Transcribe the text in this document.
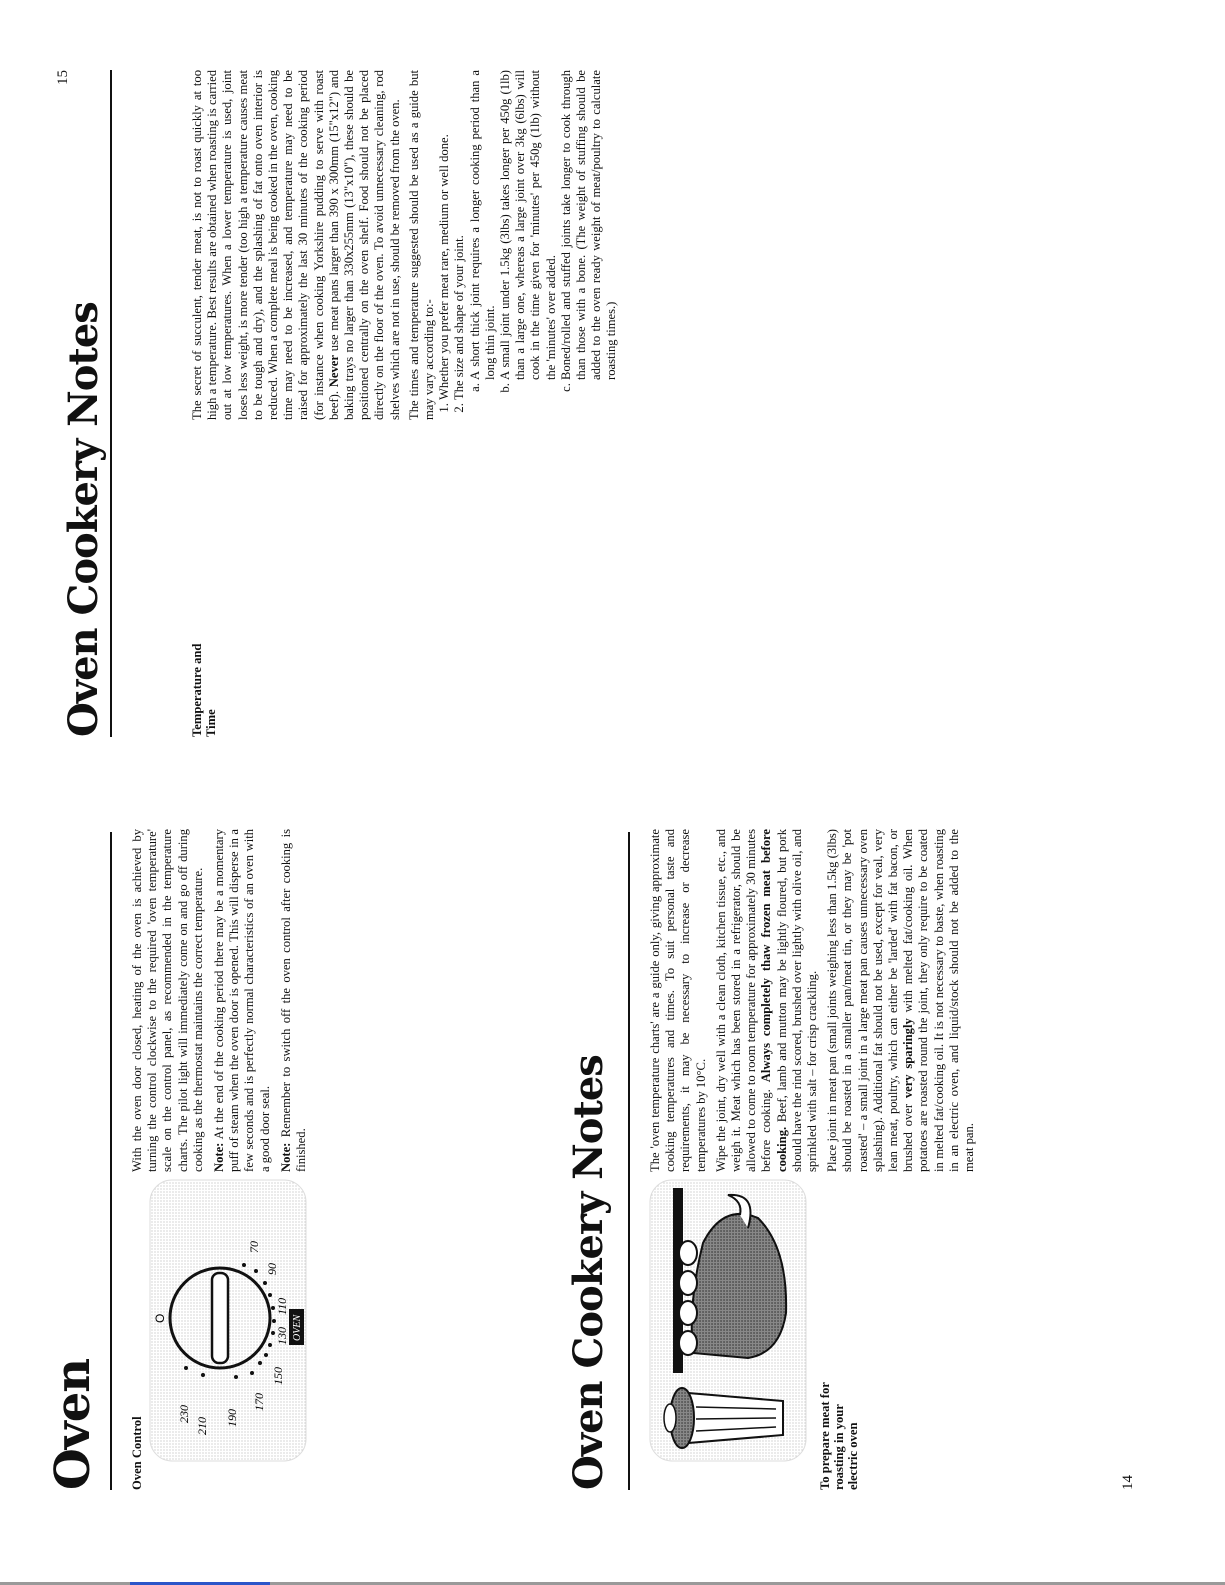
Oven Oven Control
230
210 190
170
150
130
110
90
70
O	OVEN
With the oven door closed, heating of the oven is achieved by turning the control clockwise to the required 'oven temperature' scale on the control panel, as recommended in the temperature charts. The pilot light will immediately come on and go off during cooking as the thermostat maintains the correct temperature. Note: At the end of the cooking period there may be a momentary puff of steam when the oven door is opened. This will disperse in a few seconds and is perfectly normal characteristics of an oven with a good door seal. Note: Remember to switch off the oven control after cooking is finished.	Oven Cookery Notes	To prepare meat for roasting in your electric oven
The 'oven temperature charts' are a guide only, giving approximate cooking temperatures and times. To suit personal taste and requirements, it may be necessary to increase or decrease temperatures by 10°C. Wipe the joint, dry well with a clean cloth, kitchen tissue, etc., and weigh it. Meat which has been stored in a refrigerator, should be allowed to come to room temperature for approximately 30 minutes before cooking. Always completely thaw frozen meat before cooking. Beef, lamb and mutton may be lightly floured, but pork should have the rind scored, brushed over lightly with olive oil, and sprinkled with salt – for crisp crackling. Place joint in meat pan (small joints weighing less than 1.5kg (3lbs) should be roasted in a smaller pan/meat tin, or they may be 'pot roasted' – a small joint in a large meat pan causes unnecessary oven splashing). Additional fat should not be used, except for veal, very lean meat, poultry, which can either be 'larded' with fat bacon, or brushed over very sparingly with melted fat/cooking oil. When potatoes are roasted round the joint, they only require to be coated in melted fat/cooking oil. It is not necessary to baste, when roasting in an electric oven, and liquid/stock should not be added to the meat pan.
14
Oven Cookery Notes	Temperature and Time
The secret of succulent, tender meat, is not to roast quickly at too high a temperature. Best results are obtained when roasting is carried out at low temperatures. When a lower temperature is used, joint loses less weight, is more tender (too high a temperature causes meat to be tough and dry), and the splashing of fat onto oven interior is reduced. When a complete meal is being cooked in the oven, cooking time may need to be increased, and temperature may need to be raised for approximately the last 30 minutes of the cooking period (for instance when cooking Yorkshire pudding to serve with roast beef). Never use meat pans larger than 390 x 300mm (15"x12") and baking trays no larger than 330x255mm (13"x10"), these should be positioned centrally on the oven shelf. Food should not be placed directly on the floor of the oven. To avoid unnecessary cleaning, rod shelves which are not in use, should be removed from the oven. The times and temperature suggested should be used as a guide but may vary according to:- 1. Whether you prefer meat rare, medium or well done. 2. The size and shape of your joint. a. A short thick joint requires a longer cooking period than a long thin joint. b. A small joint under 1.5kg (3lbs) takes longer per 450g (1lb) than a large one, whereas a large joint over 3kg (6lbs) will cook in the time given for 'minutes' per 450g (1lb) without the 'minutes' over added. c. Boned/rolled and stuffed joints take longer to cook through than those with a bone. (The weight of stuffing should be added to the oven ready weight of meat/poultry to calculate roasting times.)
15
